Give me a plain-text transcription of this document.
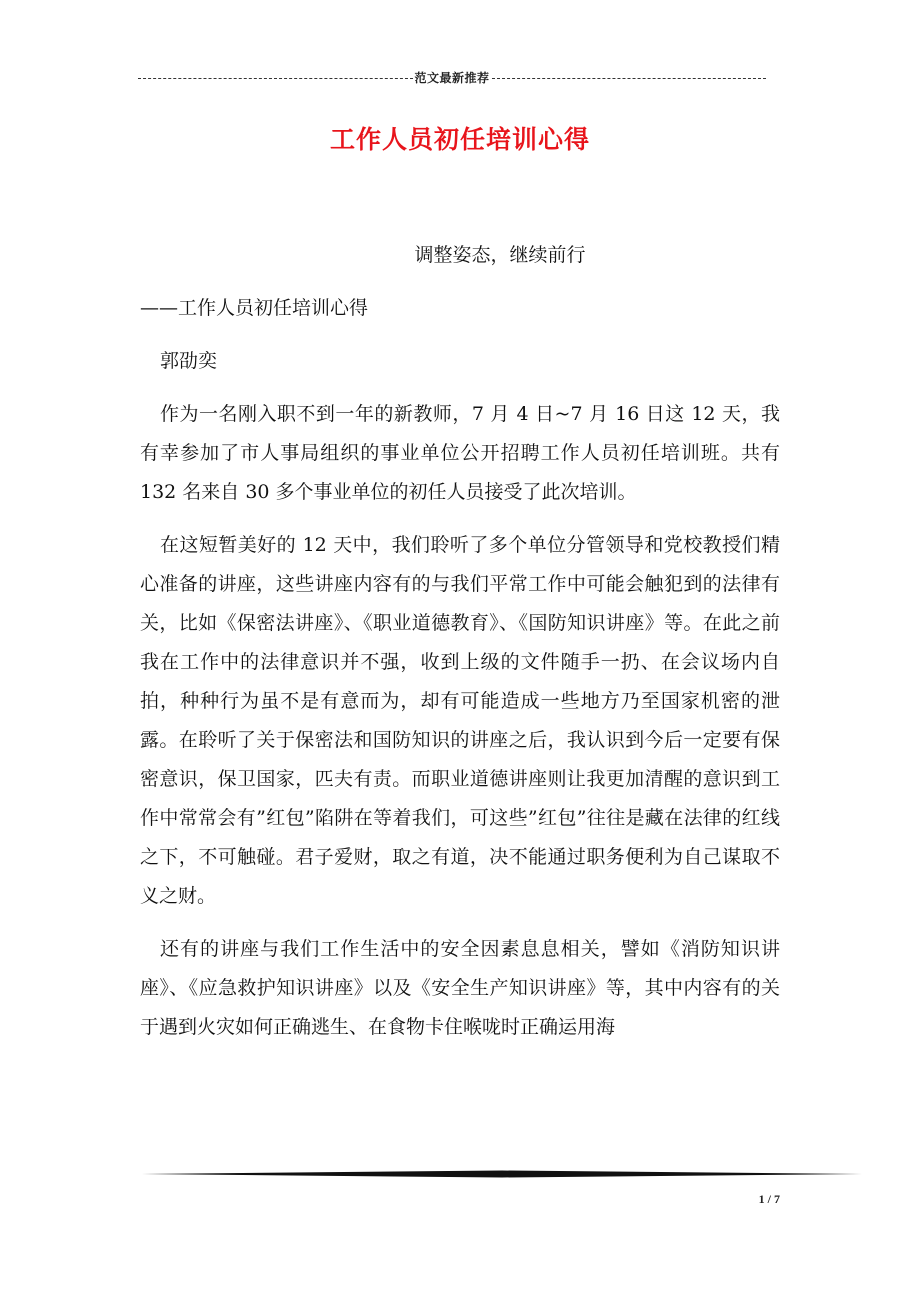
范文最新推荐
工作人员初任培训心得

调整姿态，继续前行

——工作人员初任培训心得

郭劭奕

作为一名刚入职不到一年的新教师，7 月 4 日~7 月 16 日这 12 天，我有幸参加了市人事局组织的事业单位公开招聘工作人员初任培训班。共有 132 名来自 30 多个事业单位的初任人员接受了此次培训。

在这短暂美好的 12 天中，我们聆听了多个单位分管领导和党校教授们精心准备的讲座，这些讲座内容有的与我们平常工作中可能会触犯到的法律有关，比如《保密法讲座》、《职业道德教育》、《国防知识讲座》等。在此之前我在工作中的法律意识并不强，收到上级的文件随手一扔、在会议场内自拍，种种行为虽不是有意而为，却有可能造成一些地方乃至国家机密的泄露。在聆听了关于保密法和国防知识的讲座之后，我认识到今后一定要有保密意识，保卫国家，匹夫有责。而职业道德讲座则让我更加清醒的意识到工作中常常会有”红包”陷阱在等着我们，可这些”红包”往往是藏在法律的红线之下，不可触碰。君子爱财，取之有道，决不能通过职务便利为自己谋取不义之财。

还有的讲座与我们工作生活中的安全因素息息相关，譬如《消防知识讲座》、《应急救护知识讲座》以及《安全生产知识讲座》等，其中内容有的关于遇到火灾如何正确逃生、在食物卡住喉咙时正确运用海

1 / 7
